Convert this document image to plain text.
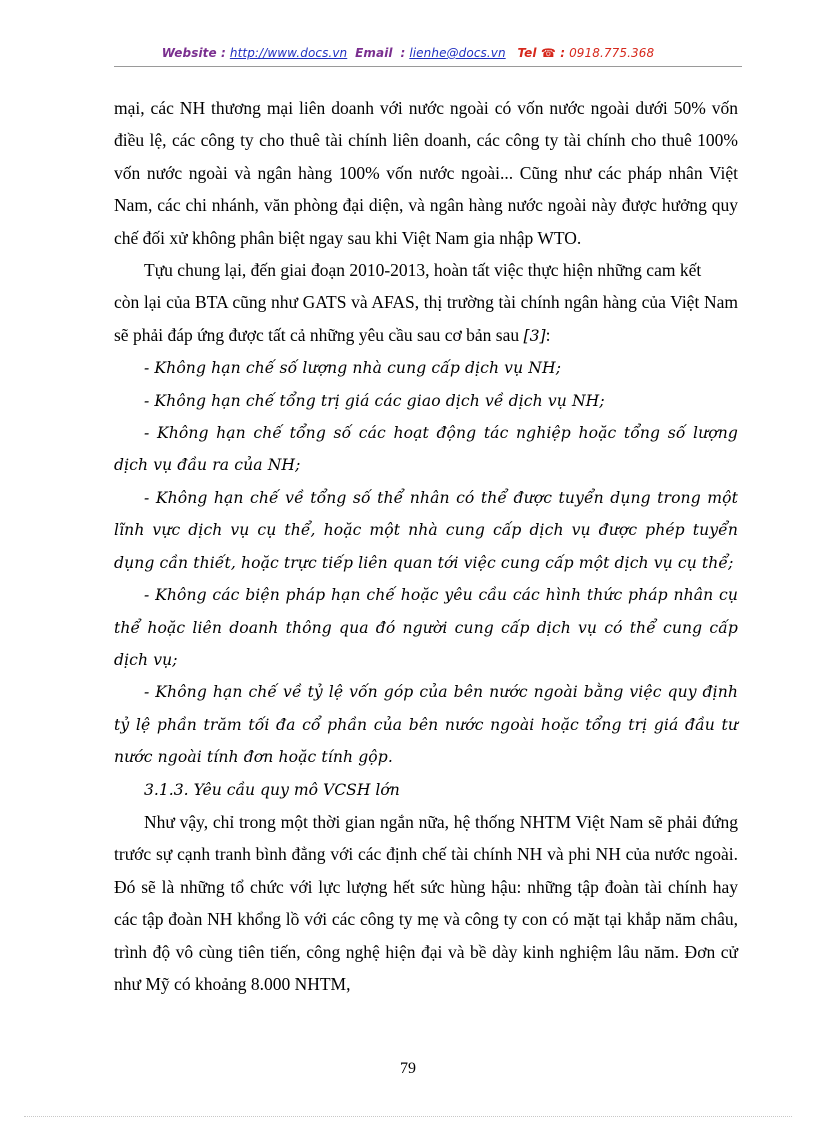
Website : http://www.docs.vn Email : lienhe@docs.vn Tel ☎ : 0918.775.368

mại, các NH thương mại liên doanh với nước ngoài có vốn nước ngoài dưới 50% vốn điều lệ, các công ty cho thuê tài chính liên doanh, các công ty tài chính cho thuê 100% vốn nước ngoài và ngân hàng 100% vốn nước ngoài... Cũng như các pháp nhân Việt Nam, các chi nhánh, văn phòng đại diện, và ngân hàng nước ngoài này được hưởng quy chế đối xử không phân biệt ngay sau khi Việt Nam gia nhập WTO.

Tựu chung lại, đến giai đoạn 2010-2013, hoàn tất việc thực hiện những cam kết

còn lại của BTA cũng như GATS và AFAS, thị trường tài chính ngân hàng của Việt Nam sẽ phải đáp ứng được tất cả những yêu cầu sau cơ bản sau [3]:

- Không hạn chế số lượng nhà cung cấp dịch vụ NH;

- Không hạn chế tổng trị giá các giao dịch về dịch vụ NH;

- Không hạn chế tổng số các hoạt động tác nghiệp hoặc tổng số lượng dịch vụ đầu ra của NH;

- Không hạn chế về tổng số thể nhân có thể được tuyển dụng trong một lĩnh vực dịch vụ cụ thể, hoặc một nhà cung cấp dịch vụ được phép tuyển dụng cần thiết, hoặc trực tiếp liên quan tới việc cung cấp một dịch vụ cụ thể;

- Không các biện pháp hạn chế hoặc yêu cầu các hình thức pháp nhân cụ thể hoặc liên doanh thông qua đó người cung cấp dịch vụ có thể cung cấp dịch vụ;

- Không hạn chế về tỷ lệ vốn góp của bên nước ngoài bằng việc quy định tỷ lệ phần trăm tối đa cổ phần của bên nước ngoài hoặc tổng trị giá đầu tư nước ngoài tính đơn hoặc tính gộp.

3.1.3. Yêu cầu quy mô VCSH lớn

Như vậy, chỉ trong một thời gian ngắn nữa, hệ thống NHTM Việt Nam sẽ phải đứng trước sự cạnh tranh bình đẳng với các định chế tài chính NH và phi NH của nước ngoài. Đó sẽ là những tổ chức với lực lượng hết sức hùng hậu: những tập đoàn tài chính hay các tập đoàn NH khổng lồ với các công ty mẹ và công ty con có mặt tại khắp năm châu, trình độ vô cùng tiên tiến, công nghệ hiện đại và bề dày kinh nghiệm lâu năm. Đơn cử như Mỹ có khoảng 8.000 NHTM,

79
